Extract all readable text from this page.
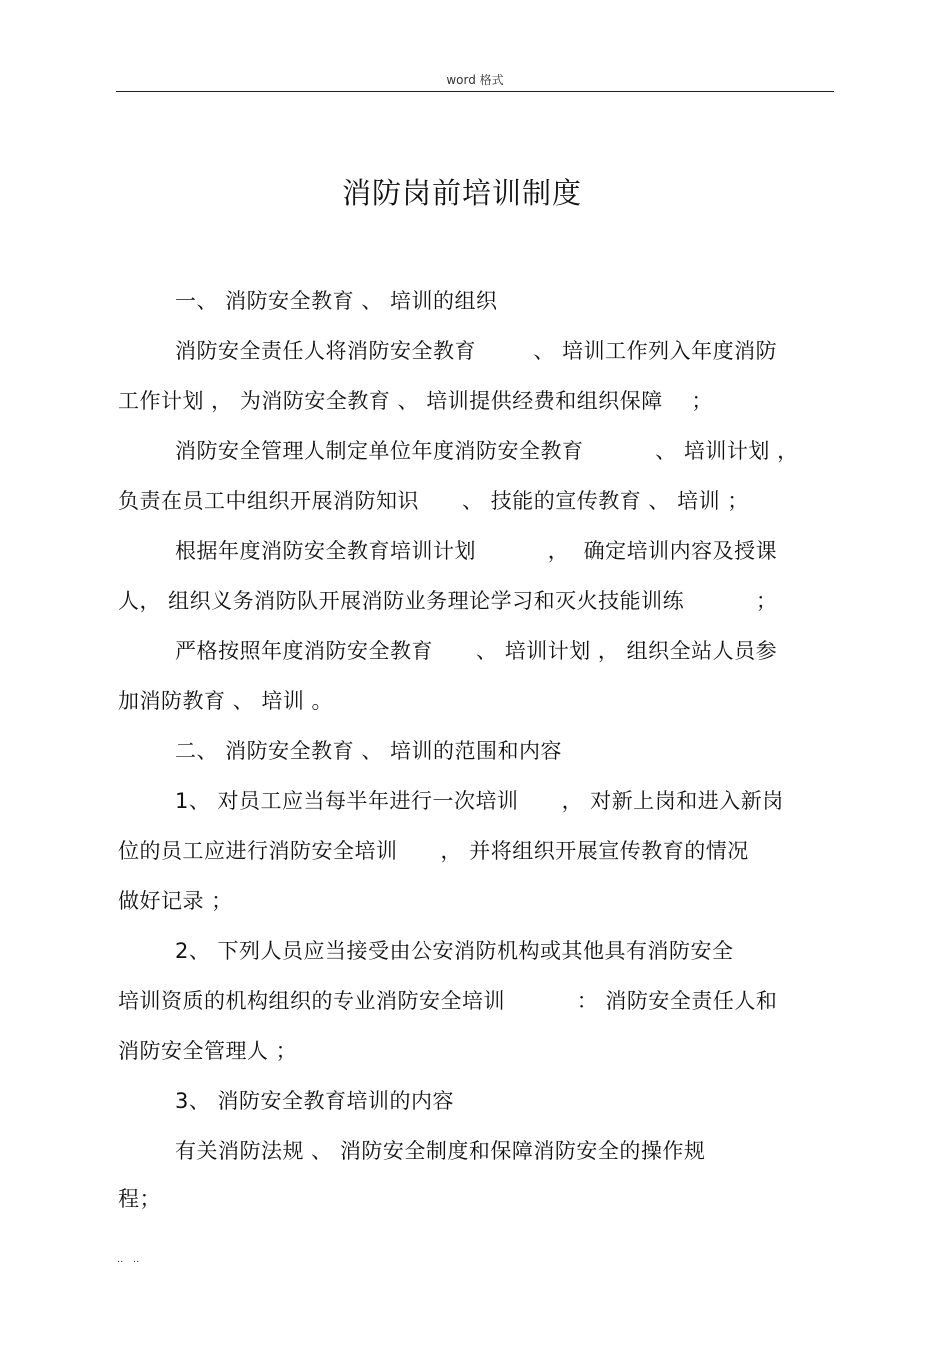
word 格式
消防岗前培训制度
一、 消防安全教育 、 培训的组织
消防安全责任人将消防安全教育        、 培训工作列入年度消防
工作计划 ， 为消防安全教育 、 培训提供经费和组织保障    ；
消防安全管理人制定单位年度消防安全教育          、 培训计划 ，
负责在员工中组织开展消防知识      、 技能的宣传教育 、 培训 ；
根据年度消防安全教育培训计划          ，  确定培训内容及授课
人， 组织义务消防队开展消防业务理论学习和灭火技能训练          ；
严格按照年度消防安全教育      、 培训计划 ， 组织全站人员参
加消防教育 、 培训 。
二、 消防安全教育 、 培训的范围和内容
1、 对员工应当每半年进行一次培训      ， 对新上岗和进入新岗
位的员工应进行消防安全培训      ， 并将组织开展宣传教育的情况
做好记录 ；
2、 下列人员应当接受由公安消防机构或其他具有消防安全
培训资质的机构组织的专业消防安全培训          ： 消防安全责任人和
消防安全管理人 ；
3、 消防安全教育培训的内容
有关消防法规 、 消防安全制度和保障消防安全的操作规
程；
..   ..
